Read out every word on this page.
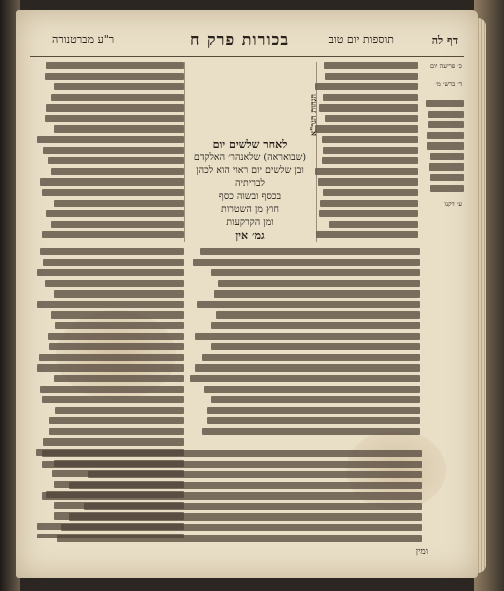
דף לה
תוספות יום טוב
בכורות פרק ח
ר"ע מברטנורה
לאחר שלשים יום
(שבואראה) שלאנהר׳ האלקדם
ובן שלשים יום ראוי הוא לכהן לבריתיה
בכסף ובשוה כסף
חוץ מן השטרות
ומן הקרקעות
גמ׳ אין
הגהות הגר"א
כ׳ פריעה יום
ד׳ ברש׳ מ׳
ע׳ דקנו
ומין
